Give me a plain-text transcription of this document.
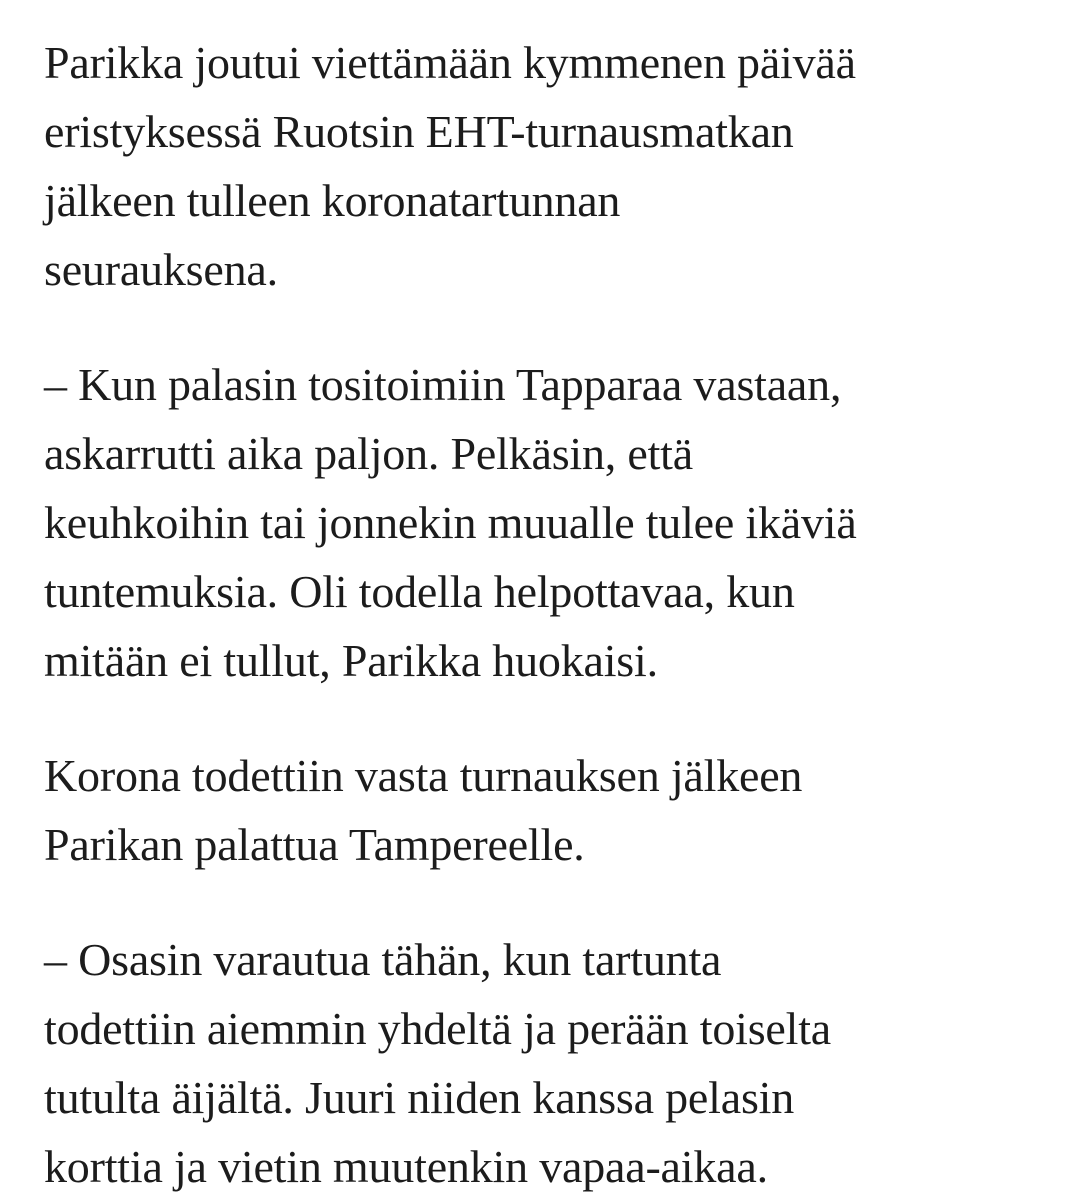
Parikka joutui viettämään kymmenen päivää
eristyksessä Ruotsin EHT-turnausmatkan
jälkeen tulleen koronatartunnan
seurauksena.

– Kun palasin tositoimiin Tapparaa vastaan,
askarrutti aika paljon. Pelkäsin, että
keuhkoihin tai jonnekin muualle tulee ikäviä
tuntemuksia. Oli todella helpottavaa, kun
mitään ei tullut, Parikka huokaisi.

Korona todettiin vasta turnauksen jälkeen
Parikan palattua Tampereelle.

– Osasin varautua tähän, kun tartunta
todettiin aiemmin yhdeltä ja perään toiselta
tutulta äijältä. Juuri niiden kanssa pelasin
korttia ja vietin muutenkin vapaa-aikaa.
